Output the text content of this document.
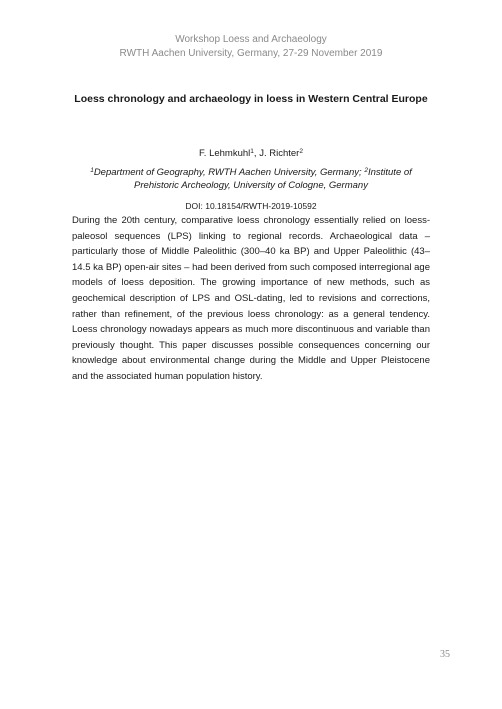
Workshop Loess and Archaeology
RWTH Aachen University, Germany, 27-29 November 2019
Loess chronology and archaeology in loess in Western Central Europe
F. Lehmkuhl$^1$, J. Richter$^2$
$^1$Department of Geography, RWTH Aachen University, Germany; $^2$Institute of Prehistoric Archeology, University of Cologne, Germany
DOI: 10.18154/RWTH-2019-10592

During the 20th century, comparative loess chronology essentially relied on loess-paleosol sequences (LPS) linking to regional records. Archaeological data – particularly those of Middle Paleolithic (300–40 ka BP) and Upper Paleolithic (43–14.5 ka BP) open-air sites – had been derived from such composed interregional age models of loess deposition. The growing importance of new methods, such as geochemical description of LPS and OSL-dating, led to revisions and corrections, rather than refinement, of the previous loess chronology: as a general tendency. Loess chronology nowadays appears as much more discontinuous and variable than previously thought. This paper discusses possible consequences concerning our knowledge about environmental change during the Middle and Upper Pleistocene and the associated human population history.

35
